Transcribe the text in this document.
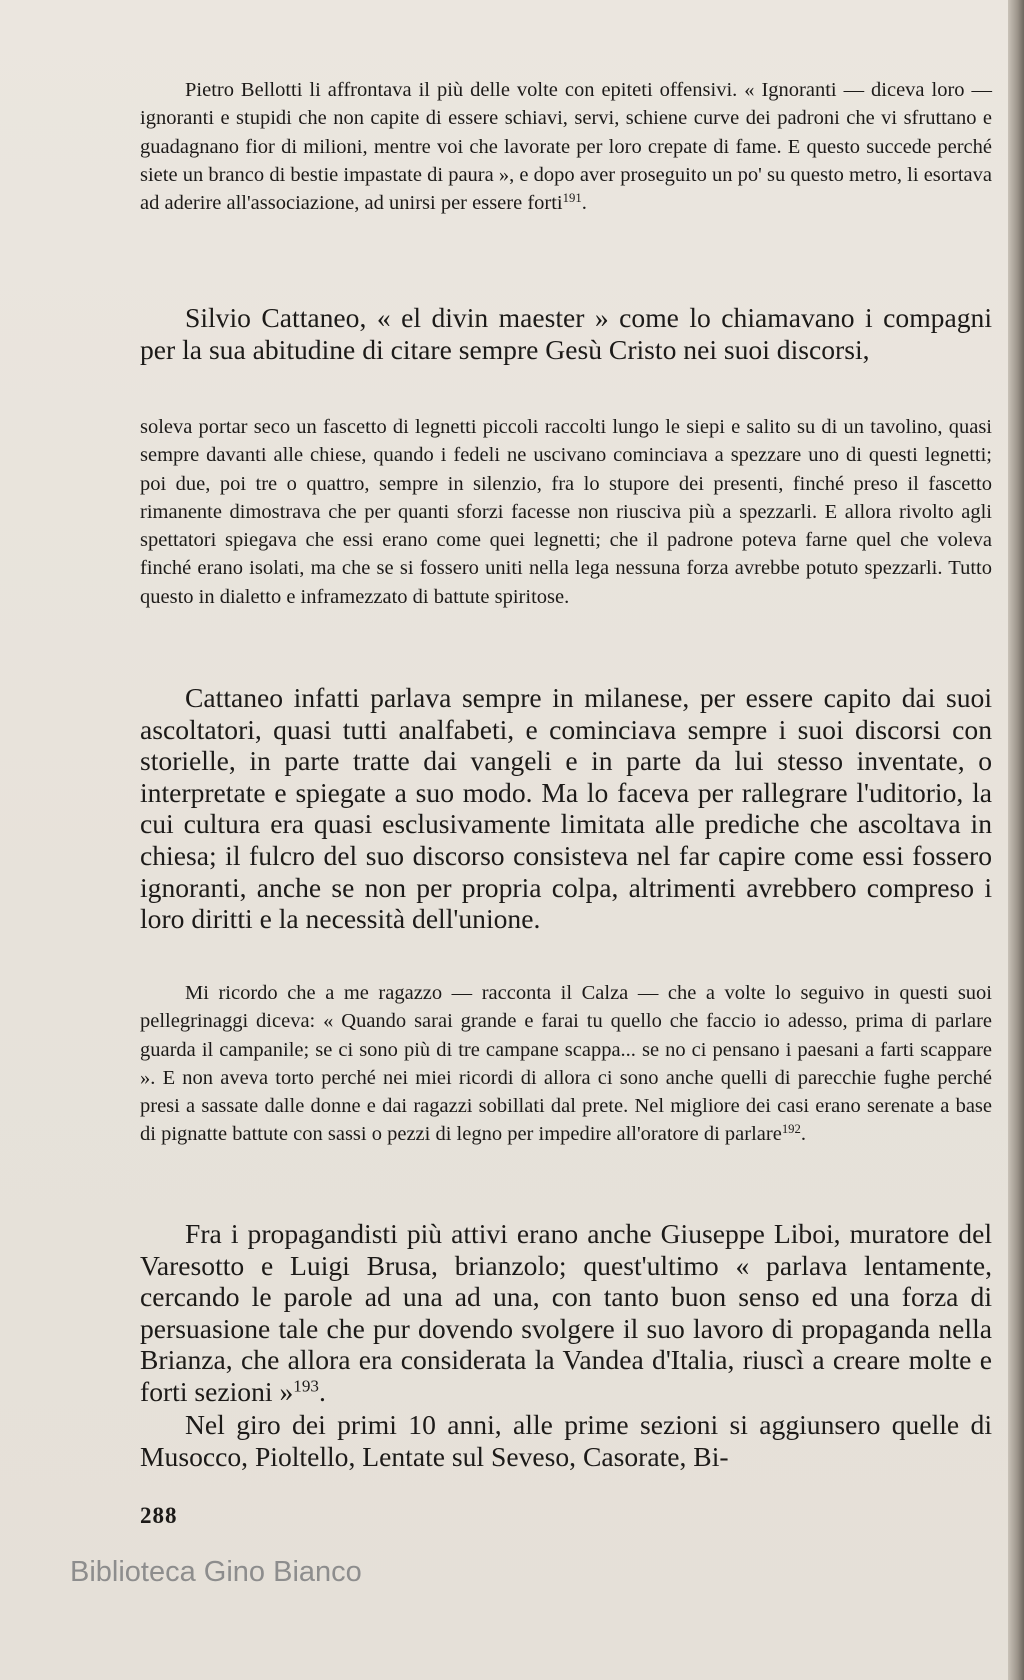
Pietro Bellotti li affrontava il più delle volte con epiteti offensivi. « Ignoranti — diceva loro — ignoranti e stupidi che non capite di essere schiavi, servi, schiene curve dei padroni che vi sfruttano e guadagnano fior di milioni, mentre voi che lavorate per loro crepate di fame. E questo succede perché siete un branco di bestie impastate di paura », e dopo aver proseguito un po' su questo metro, li esortava ad aderire all'associazione, ad unirsi per essere forti$^{191}$.

Silvio Cattaneo, « el divin maester » come lo chiamavano i compagni per la sua abitudine di citare sempre Gesù Cristo nei suoi discorsi,

soleva portar seco un fascetto di legnetti piccoli raccolti lungo le siepi e salito su di un tavolino, quasi sempre davanti alle chiese, quando i fedeli ne uscivano cominciava a spezzare uno di questi legnetti; poi due, poi tre o quattro, sempre in silenzio, fra lo stupore dei presenti, finché preso il fascetto rimanente dimostrava che per quanti sforzi facesse non riusciva più a spezzarli. E allora rivolto agli spettatori spiegava che essi erano come quei legnetti; che il padrone poteva farne quel che voleva finché erano isolati, ma che se si fossero uniti nella lega nessuna forza avrebbe potuto spezzarli. Tutto questo in dialetto e inframezzato di battute spiritose.

Cattaneo infatti parlava sempre in milanese, per essere capito dai suoi ascoltatori, quasi tutti analfabeti, e cominciava sempre i suoi discorsi con storielle, in parte tratte dai vangeli e in parte da lui stesso inventate, o interpretate e spiegate a suo modo. Ma lo faceva per rallegrare l'uditorio, la cui cultura era quasi esclusivamente limitata alle prediche che ascoltava in chiesa; il fulcro del suo discorso consisteva nel far capire come essi fossero ignoranti, anche se non per propria colpa, altrimenti avrebbero compreso i loro diritti e la necessità dell'unione.

Mi ricordo che a me ragazzo — racconta il Calza — che a volte lo seguivo in questi suoi pellegrinaggi diceva: « Quando sarai grande e farai tu quello che faccio io adesso, prima di parlare guarda il campanile; se ci sono più di tre campane scappa... se no ci pensano i paesani a farti scappare ». E non aveva torto perché nei miei ricordi di allora ci sono anche quelli di parecchie fughe perché presi a sassate dalle donne e dai ragazzi sobillati dal prete. Nel migliore dei casi erano serenate a base di pignatte battute con sassi o pezzi di legno per impedire all'oratore di parlare$^{192}$.

Fra i propagandisti più attivi erano anche Giuseppe Liboi, muratore del Varesotto e Luigi Brusa, brianzolo; quest'ultimo « parlava lentamente, cercando le parole ad una ad una, con tanto buon senso ed una forza di persuasione tale che pur dovendo svolgere il suo lavoro di propaganda nella Brianza, che allora era considerata la Vandea d'Italia, riuscì a creare molte e forti sezioni »$^{193}$.

Nel giro dei primi 10 anni, alle prime sezioni si aggiunsero quelle di Musocco, Pioltello, Lentate sul Seveso, Casorate, Bi-

288
Biblioteca Gino Bianco
